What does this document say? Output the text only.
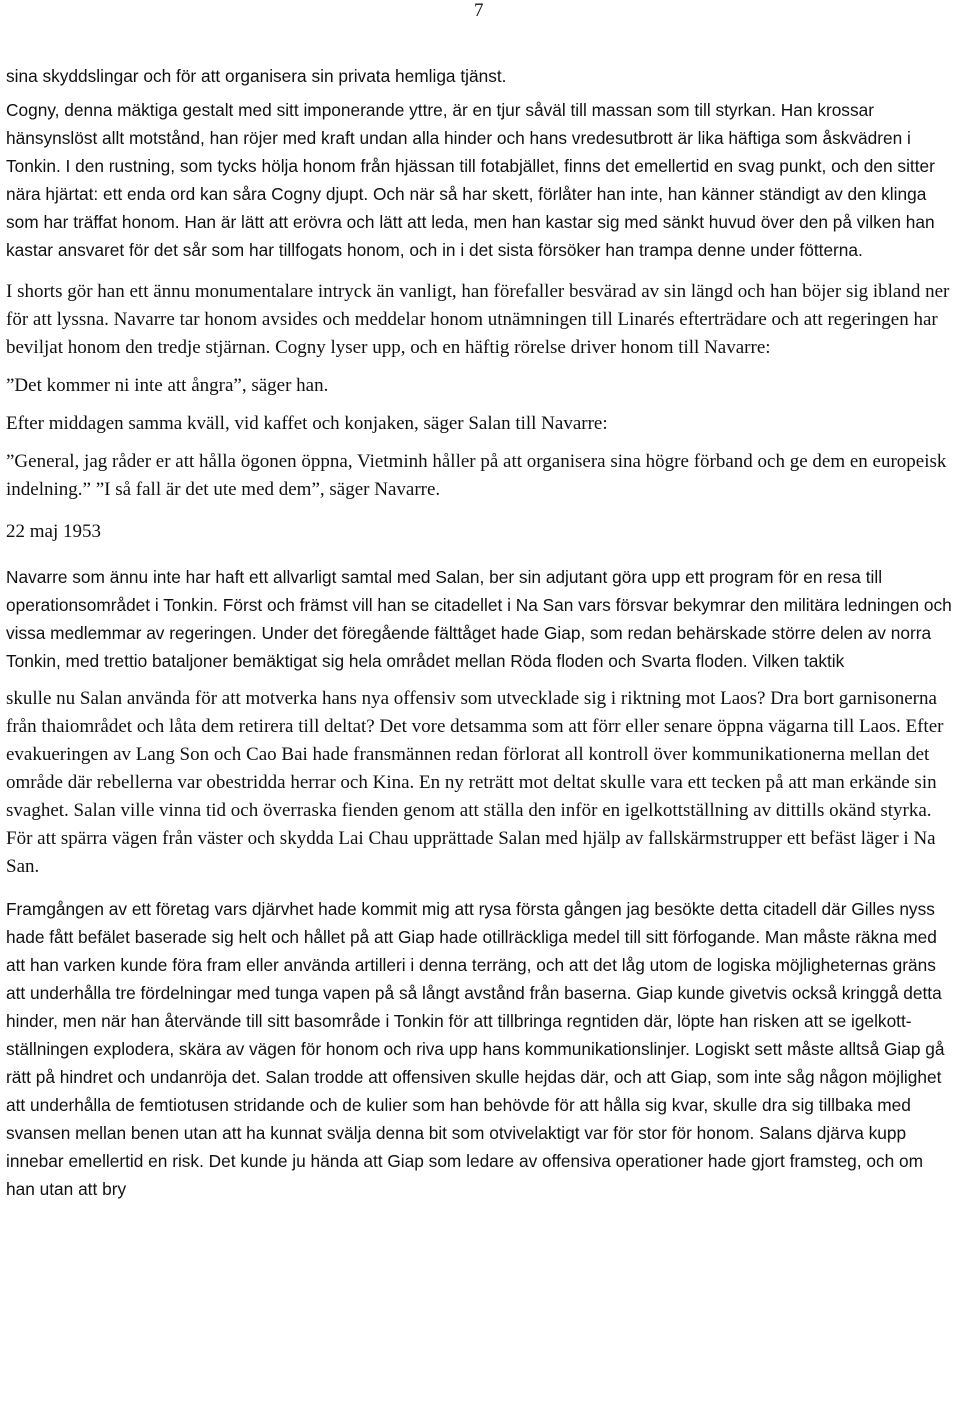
7

sina skyddslingar och för att organisera sin privata hemliga tjänst.

Cogny, denna mäktiga gestalt med sitt imponerande yttre, är en tjur såväl till massan som till styrkan. Han krossar hänsynslöst allt motstånd, han röjer med kraft undan alla hinder och hans vredesutbrott är lika häftiga som åskvädren i Tonkin. I den rustning, som tycks hölja honom från hjässan till fotabjället, finns det emellertid en svag punkt, och den sitter nära hjärtat: ett enda ord kan såra Cogny djupt. Och när så har skett, förlåter han inte, han känner ständigt av den klinga som har träffat honom. Han är lätt att erövra och lätt att leda, men han kastar sig med sänkt huvud över den på vilken han kastar ansvaret för det sår som har tillfogats honom, och in i det sista försöker han trampa denne under fötterna.

I shorts gör han ett ännu monumentalare intryck än vanligt, han förefaller besvärad av sin längd och han böjer sig ibland ner för att lyssna. Navarre tar honom avsides och meddelar honom utnämningen till Linarés efterträdare och att regeringen har beviljat honom den tredje stjärnan. Cogny lyser upp, och en häftig rörelse driver honom till Navarre:

”Det kommer ni inte att ångra”, säger han.

Efter middagen samma kväll, vid kaffet och konjaken, säger Salan till Navarre:

”General, jag råder er att hålla ögonen öppna, Vietminh håller på att organisera sina högre förband och ge dem en europeisk indelning.” ”I så fall är det ute med dem”, säger Navarre.

22 maj 1953

Navarre som ännu inte har haft ett allvarligt samtal med Salan, ber sin adjutant göra upp ett program för en resa till operationsområdet i Tonkin. Först och främst vill han se citadellet i Na San vars försvar bekymrar den militära ledningen och vissa medlemmar av regeringen. Under det föregående fälttåget hade Giap, som redan behärskade större delen av norra Tonkin, med trettio bataljoner bemäktigat sig hela området mellan Röda floden och Svarta floden. Vilken taktik

skulle nu Salan använda för att motverka hans nya offensiv som utvecklade sig i riktning mot Laos? Dra bort garnisonerna från thaiområdet och låta dem retirera till deltat? Det vore detsamma som att förr eller senare öppna vägarna till Laos. Efter evakueringen av Lang Son och Cao Bai hade fransmännen redan förlorat all kontroll över kommunikationerna mellan det område där rebellerna var obestridda herrar och Kina. En ny reträtt mot deltat skulle vara ett tecken på att man erkände sin svaghet. Salan ville vinna tid och överraska fienden genom att ställa den inför en igelkottställning av dittills okänd styrka. För att spärra vägen från väster och skydda Lai Chau upprättade Salan med hjälp av fallskärmstrupper ett befäst läger i Na San.

Framgången av ett företag vars djärvhet hade kommit mig att rysa första gången jag besökte detta citadell där Gilles nyss hade fått befälet baserade sig helt och hållet på att Giap hade otillräckliga medel till sitt förfogande. Man måste räkna med att han varken kunde föra fram eller använda artilleri i denna terräng, och att det låg utom de logiska möjligheternas gräns att underhålla tre fördelningar med tunga vapen på så långt avstånd från baserna. Giap kunde givetvis också kringgå detta hinder, men när han återvände till sitt basområde i Tonkin för att tillbringa regntiden där, löpte han risken att se igelkott-ställningen explodera, skära av vägen för honom och riva upp hans kommunikationslinjer. Logiskt sett måste alltså Giap gå rätt på hindret och undanröja det. Salan trodde att offensiven skulle hejdas där, och att Giap, som inte såg någon möjlighet att underhålla de femtiotusen stridande och de kulier som han behövde för att hålla sig kvar, skulle dra sig tillbaka med svansen mellan benen utan att ha kunnat svälja denna bit som otvivelaktigt var för stor för honom. Salans djärva kupp innebar emellertid en risk. Det kunde ju hända att Giap som ledare av offensiva operationer hade gjort framsteg, och om han utan att bry
